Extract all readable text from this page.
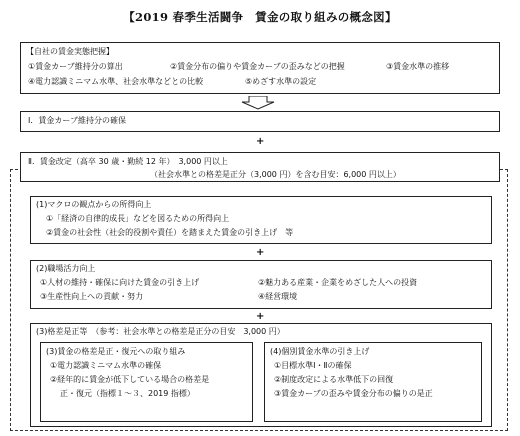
【2019 春季生活闘争　賃金の取り組みの概念図】
【自社の賃金実態把握】
①賃金カーブ維持分の算出	②賃金分布の偏りや賃金カーブの歪みなどの把握	③賃金水準の推移
④電力認識ミニマム水準、社会水準などとの比較	⑤めざす水準の設定
Ⅰ．賃金カーブ維持分の確保
+
Ⅱ．賃金改定（高卒 30 歳・勤続 12 年）　3,000 円以上
（社会水準との格差是正分（3,000 円）を含む目安：6,000 円以上）
(1)マクロの観点からの所得向上
①「経済の自律的成長」などを図るための所得向上
②賃金の社会性（社会的役割や責任）を踏まえた賃金の引き上げ　等
+
(2)職場活力向上
①人材の維持・確保に向けた賃金の引き上げ	②魅力ある産業・企業をめざした人への投資
③生産性向上への貢献・努力	④経営環境
+
(3)格差是正等　（参考：社会水準との格差是正分の目安　3,000 円）
(3)賃金の格差是正・復元への取り組み
①電力認識ミニマム水準の確保
②経年的に賃金が低下している場合の格差是
正・復元（指標１～３、2019 指標）
(4)個別賃金水準の引き上げ
①目標水準Ⅰ・Ⅱの確保
②制度改定による水準低下の回復
③賃金カーブの歪みや賃金分布の偏りの是正
